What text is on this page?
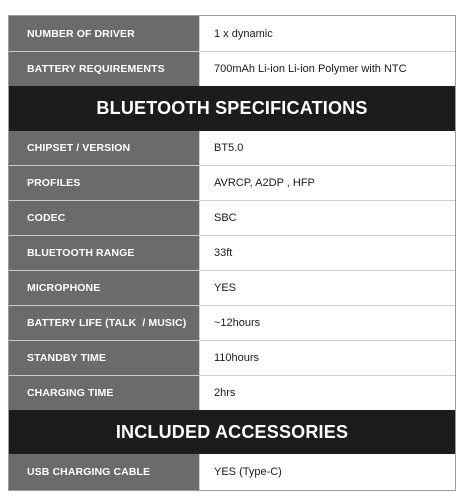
NUMBER OF DRIVER	1 x dynamic
BATTERY REQUIREMENTS	700mAh Li-ion Li-ion Polymer with NTC
BLUETOOTH SPECIFICATIONS
CHIPSET / VERSION	BT5.0
PROFILES	AVRCP, A2DP , HFP
CODEC	SBC
BLUETOOTH RANGE	33ft
MICROPHONE	YES
BATTERY LIFE (TALK  / MUSIC)	~12hours
STANDBY TIME	110hours
CHARGING TIME	2hrs
INCLUDED ACCESSORIES
USB CHARGING CABLE	YES (Type-C)
